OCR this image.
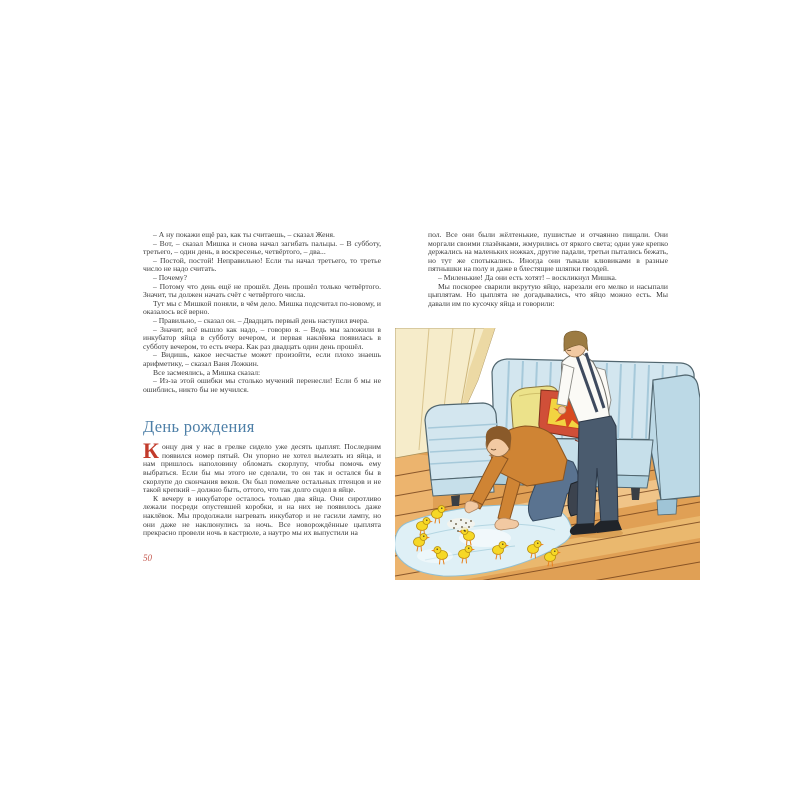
– А ну покажи ещё раз, как ты считаешь, – сказал Женя.

– Вот, – сказал Мишка и снова начал загибать пальцы. – В субботу, третьего, – один день, в воскресенье, четвёртого, – два...

– Постой, постой! Неправильно! Если ты начал третьего, то третье число не надо считать.

– Почему?

– Потому что день ещё не прошёл. День прошёл только четвёртого. Значит, ты должен начать счёт с четвёртого числа.

Тут мы с Мишкой поняли, в чём дело. Мишка подсчитал по-новому, и оказалось всё верно.

– Правильно, – сказал он. – Двадцать первый день наступил вчера.

– Значит, всё вышло как надо, – говорю я. – Ведь мы заложили в инкубатор яйца в субботу вечером, и первая наклёвка появилась в субботу вечером, то есть вчера. Как раз двадцать один день прошёл.

– Видишь, какое несчастье может произойти, если плохо знаешь арифметику, – сказал Ваня Ложкин.

Все засмеялись, а Мишка сказал:

– Из-за этой ошибки мы столько мучений перенесли! Если б мы не ошиблись, никто бы не мучился.

День рождения

Концу дня у нас в грелке сидело уже десять цыплят. Последним появился номер пятый. Он упорно не хотел вылезать из яйца, и нам пришлось наполовину обломать скорлупу, чтобы помочь ему выбраться. Если бы мы этого не сделали, то он так и остался бы в скорлупе до скончания веков. Он был помельче остальных птенцов и не такой крепкий – должно быть, оттого, что так долго сидел в яйце.

К вечеру в инкубаторе осталось только два яйца. Они сиротливо лежали посреди опустевшей коробки, и на них не появилось даже наклёвок. Мы продолжали нагревать инкубатор и не гасили лампу, но они даже не наклюнулись за ночь. Все новорождённые цыплята прекрасно провели ночь в кастрюле, а наутро мы их выпустили на

50

пол. Все они были жёлтенькие, пушистые и отчаянно пищали. Они моргали своими глазёнками, жмурились от яркого света; одни уже крепко держались на маленьких ножках, другие падали, третьи пытались бежать, но тут же спотыкались. Иногда они тыкали клювиками в разные пятнышки на полу и даже в блестящие шляпки гвоздей.

– Миленькие! Да они есть хотят! – воскликнул Мишка.

Мы поскорее сварили вкрутую яйцо, нарезали его мелко и насыпали цыплятам. Но цыплята не догадывались, что яйцо можно есть. Мы давали им по кусочку яйца и говорили:
